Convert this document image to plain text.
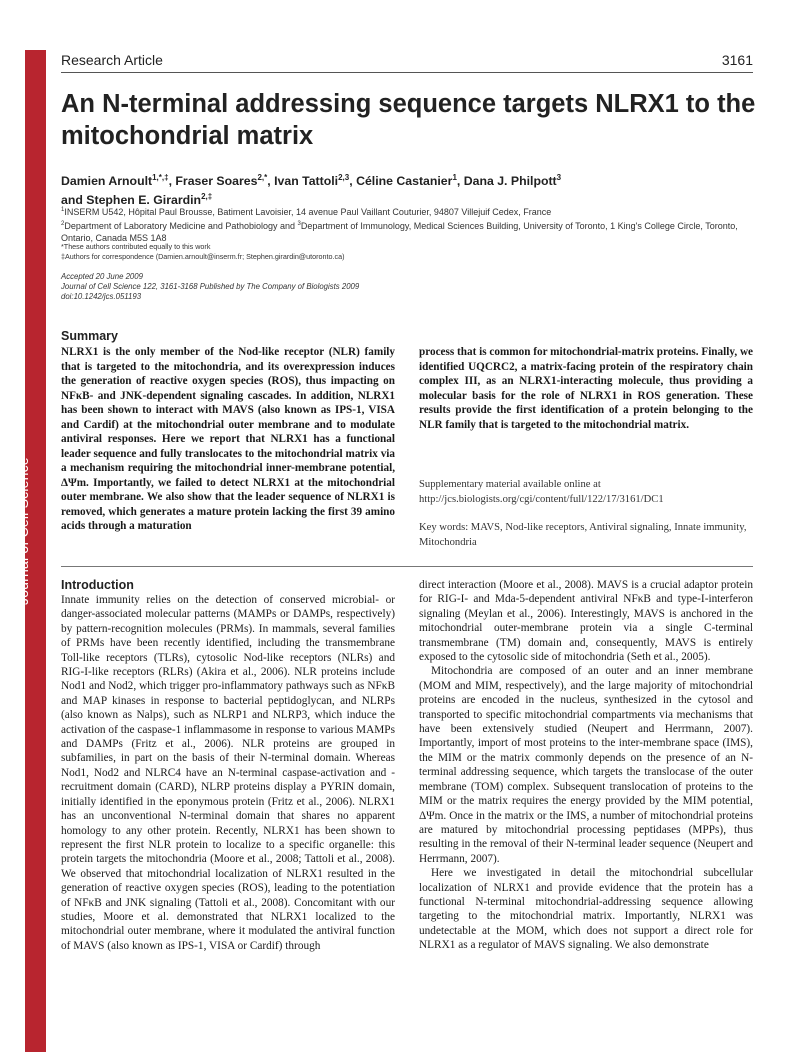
Journal of Cell Science
Research Article	3161
An N-terminal addressing sequence targets NLRX1 to the mitochondrial matrix
Damien Arnoult$^{1,*,\ddagger}$, Fraser Soares$^{2,*}$, Ivan Tattoli$^{2,3}$, Céline Castanier$^1$, Dana J. Philpott$^3$
and Stephen E. Girardin$^{2,\ddagger}$
$^1$INSERM U542, Hôpital Paul Brousse, Batiment Lavoisier, 14 avenue Paul Vaillant Couturier, 94807 Villejuif Cedex, France
$^2$Department of Laboratory Medicine and Pathobiology and $^3$Department of Immunology, Medical Sciences Building, University of Toronto, 1 King's College Circle, Toronto, Ontario, Canada M5S 1A8
*These authors contributed equally to this work
‡Authors for correspondence (Damien.arnoult@inserm.fr; Stephen.girardin@utoronto.ca)
Accepted 20 June 2009
Journal of Cell Science 122, 3161-3168 Published by The Company of Biologists 2009
doi:10.1242/jcs.051193
Summary
NLRX1 is the only member of the Nod-like receptor (NLR) family that is targeted to the mitochondria, and its overexpression induces the generation of reactive oxygen species (ROS), thus impacting on NFκB- and JNK-dependent signaling cascades. In addition, NLRX1 has been shown to interact with MAVS (also known as IPS-1, VISA and Cardif) at the mitochondrial outer membrane and to modulate antiviral responses. Here we report that NLRX1 has a functional leader sequence and fully translocates to the mitochondrial matrix via a mechanism requiring the mitochondrial inner-membrane potential, ΔΨm. Importantly, we failed to detect NLRX1 at the mitochondrial outer membrane. We also show that the leader sequence of NLRX1 is removed, which generates a mature protein lacking the first 39 amino acids through a maturation
process that is common for mitochondrial-matrix proteins. Finally, we identified UQCRC2, a matrix-facing protein of the respiratory chain complex III, as an NLRX1-interacting molecule, thus providing a molecular basis for the role of NLRX1 in ROS generation. These results provide the first identification of a protein belonging to the NLR family that is targeted to the mitochondrial matrix.
Supplementary material available online at
http://jcs.biologists.org/cgi/content/full/122/17/3161/DC1
Key words: MAVS, Nod-like receptors, Antiviral signaling, Innate immunity, Mitochondria
Introduction

Innate immunity relies on the detection of conserved microbial- or danger-associated molecular patterns (MAMPs or DAMPs, respectively) by pattern-recognition molecules (PRMs). In mammals, several families of PRMs have been recently identified, including the transmembrane Toll-like receptors (TLRs), cytosolic Nod-like receptors (NLRs) and RIG-I-like receptors (RLRs) (Akira et al., 2006). NLR proteins include Nod1 and Nod2, which trigger pro-inflammatory pathways such as NFκB and MAP kinases in response to bacterial peptidoglycan, and NLRPs (also known as Nalps), such as NLRP1 and NLRP3, which induce the activation of the caspase-1 inflammasome in response to various MAMPs and DAMPs (Fritz et al., 2006). NLR proteins are grouped in subfamilies, in part on the basis of their N-terminal domain. Whereas Nod1, Nod2 and NLRC4 have an N-terminal caspase-activation and -recruitment domain (CARD), NLRP proteins display a PYRIN domain, initially identified in the eponymous protein (Fritz et al., 2006). NLRX1 has an unconventional N-terminal domain that shares no apparent homology to any other protein. Recently, NLRX1 has been shown to represent the first NLR protein to localize to a specific organelle: this protein targets the mitochondria (Moore et al., 2008; Tattoli et al., 2008). We observed that mitochondrial localization of NLRX1 resulted in the generation of reactive oxygen species (ROS), leading to the potentiation of NFκB and JNK signaling (Tattoli et al., 2008). Concomitant with our studies, Moore et al. demonstrated that NLRX1 localized to the mitochondrial outer membrane, where it modulated the antiviral function of MAVS (also known as IPS-1, VISA or Cardif) through

direct interaction (Moore et al., 2008). MAVS is a crucial adaptor protein for RIG-I- and Mda-5-dependent antiviral NFκB and type-I-interferon signaling (Meylan et al., 2006). Interestingly, MAVS is anchored in the mitochondrial outer-membrane protein via a single C-terminal transmembrane (TM) domain and, consequently, MAVS is entirely exposed to the cytosolic side of mitochondria (Seth et al., 2005).

Mitochondria are composed of an outer and an inner membrane (MOM and MIM, respectively), and the large majority of mitochondrial proteins are encoded in the nucleus, synthesized in the cytosol and transported to specific mitochondrial compartments via mechanisms that have been extensively studied (Neupert and Herrmann, 2007). Importantly, import of most proteins to the inter-membrane space (IMS), the MIM or the matrix commonly depends on the presence of an N-terminal addressing sequence, which targets the translocase of the outer membrane (TOM) complex. Subsequent translocation of proteins to the MIM or the matrix requires the energy provided by the MIM potential, ΔΨm. Once in the matrix or the IMS, a number of mitochondrial proteins are matured by mitochondrial processing peptidases (MPPs), thus resulting in the removal of their N-terminal leader sequence (Neupert and Herrmann, 2007).

Here we investigated in detail the mitochondrial subcellular localization of NLRX1 and provide evidence that the protein has a functional N-terminal mitochondrial-addressing sequence allowing targeting to the mitochondrial matrix. Importantly, NLRX1 was undetectable at the MOM, which does not support a direct role for NLRX1 as a regulator of MAVS signaling. We also demonstrate
